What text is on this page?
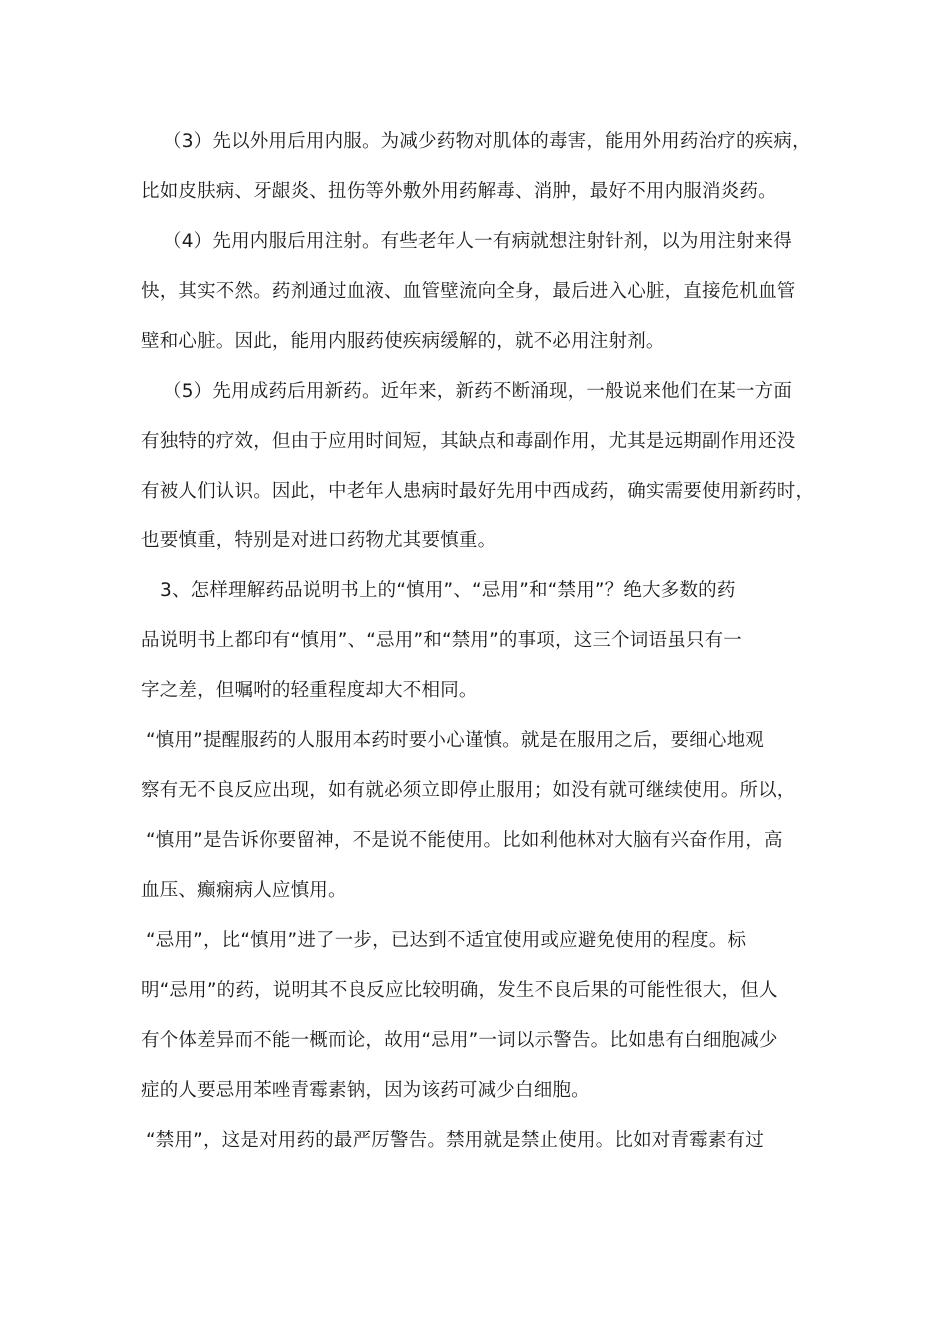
（3）先以外用后用内服。为减少药物对肌体的毒害，能用外用药治疗的疾病，
比如皮肤病、牙龈炎、扭伤等外敷外用药解毒、消肿，最好不用内服消炎药。
（4）先用内服后用注射。有些老年人一有病就想注射针剂，以为用注射来得
快，其实不然。药剂通过血液、血管壁流向全身，最后进入心脏，直接危机血管
壁和心脏。因此，能用内服药使疾病缓解的，就不必用注射剂。
（5）先用成药后用新药。近年来，新药不断涌现，一般说来他们在某一方面
有独特的疗效，但由于应用时间短，其缺点和毒副作用，尤其是远期副作用还没
有被人们认识。因此，中老年人患病时最好先用中西成药，确实需要使用新药时，
也要慎重，特别是对进口药物尤其要慎重。
3、怎样理解药品说明书上的“慎用”、“忌用”和“禁用”？绝大多数的药
品说明书上都印有“慎用”、“忌用”和“禁用”的事项，这三个词语虽只有一
字之差，但嘱咐的轻重程度却大不相同。
“慎用”提醒服药的人服用本药时要小心谨慎。就是在服用之后，要细心地观
察有无不良反应出现，如有就必须立即停止服用；如没有就可继续使用。所以，
“慎用”是告诉你要留神，不是说不能使用。比如利他林对大脑有兴奋作用，高
血压、癫痫病人应慎用。
“忌用”，比“慎用”进了一步，已达到不适宜使用或应避免使用的程度。标
明“忌用”的药，说明其不良反应比较明确，发生不良后果的可能性很大，但人
有个体差异而不能一概而论，故用“忌用”一词以示警告。比如患有白细胞减少
症的人要忌用苯唑青霉素钠，因为该药可减少白细胞。
“禁用”，这是对用药的最严厉警告。禁用就是禁止使用。比如对青霉素有过
